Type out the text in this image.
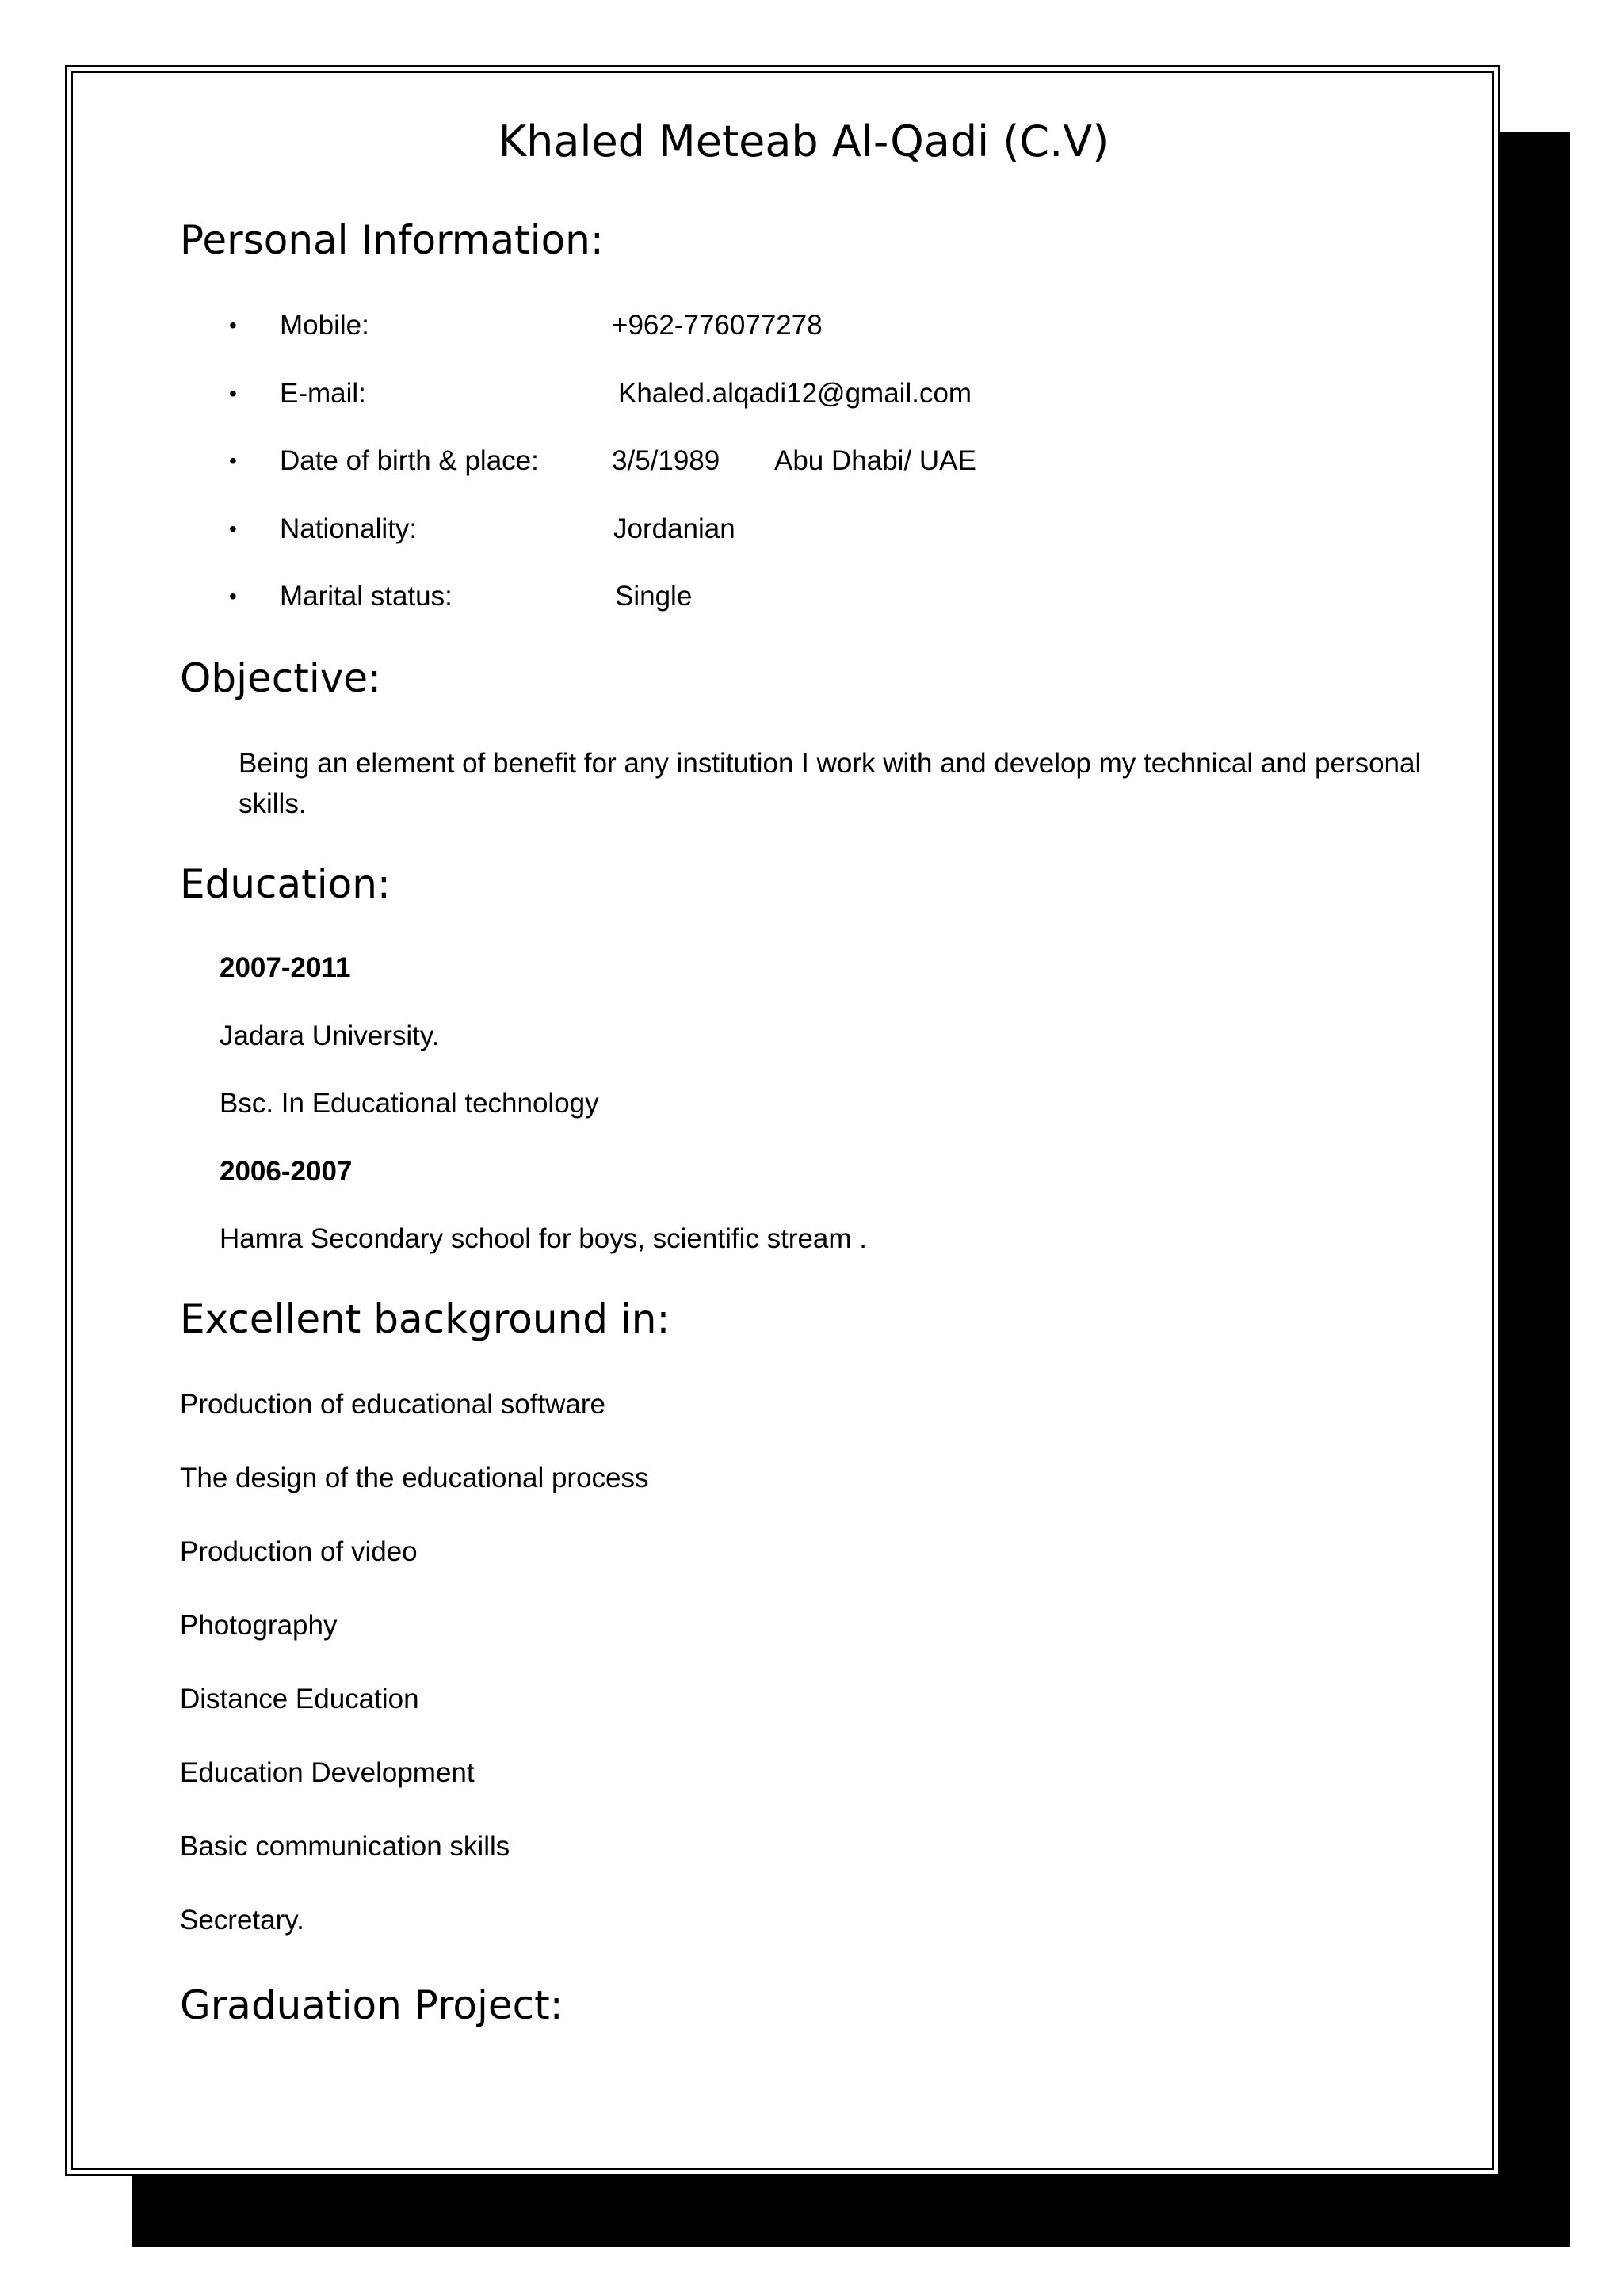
Khaled Meteab Al-Qadi (C.V)
Personal Information:
• Mobile:	+962-776077278
• E-mail:	Khaled.alqadi12@gmail.com
• Date of birth & place:	3/5/1989 Abu Dhabi/ UAE
• Nationality:	Jordanian
• Marital status:	Single
Objective:
Being an element of benefit for any institution I work with and develop my technical and personal skills.
Education:
2007-2011
Jadara University.
Bsc. In Educational technology
2006-2007
Hamra Secondary school for boys, scientific stream .
Excellent background in:
Production of educational software
The design of the educational process
Production of video
Photography
Distance Education
Education Development
Basic communication skills
Secretary.
Graduation Project:
